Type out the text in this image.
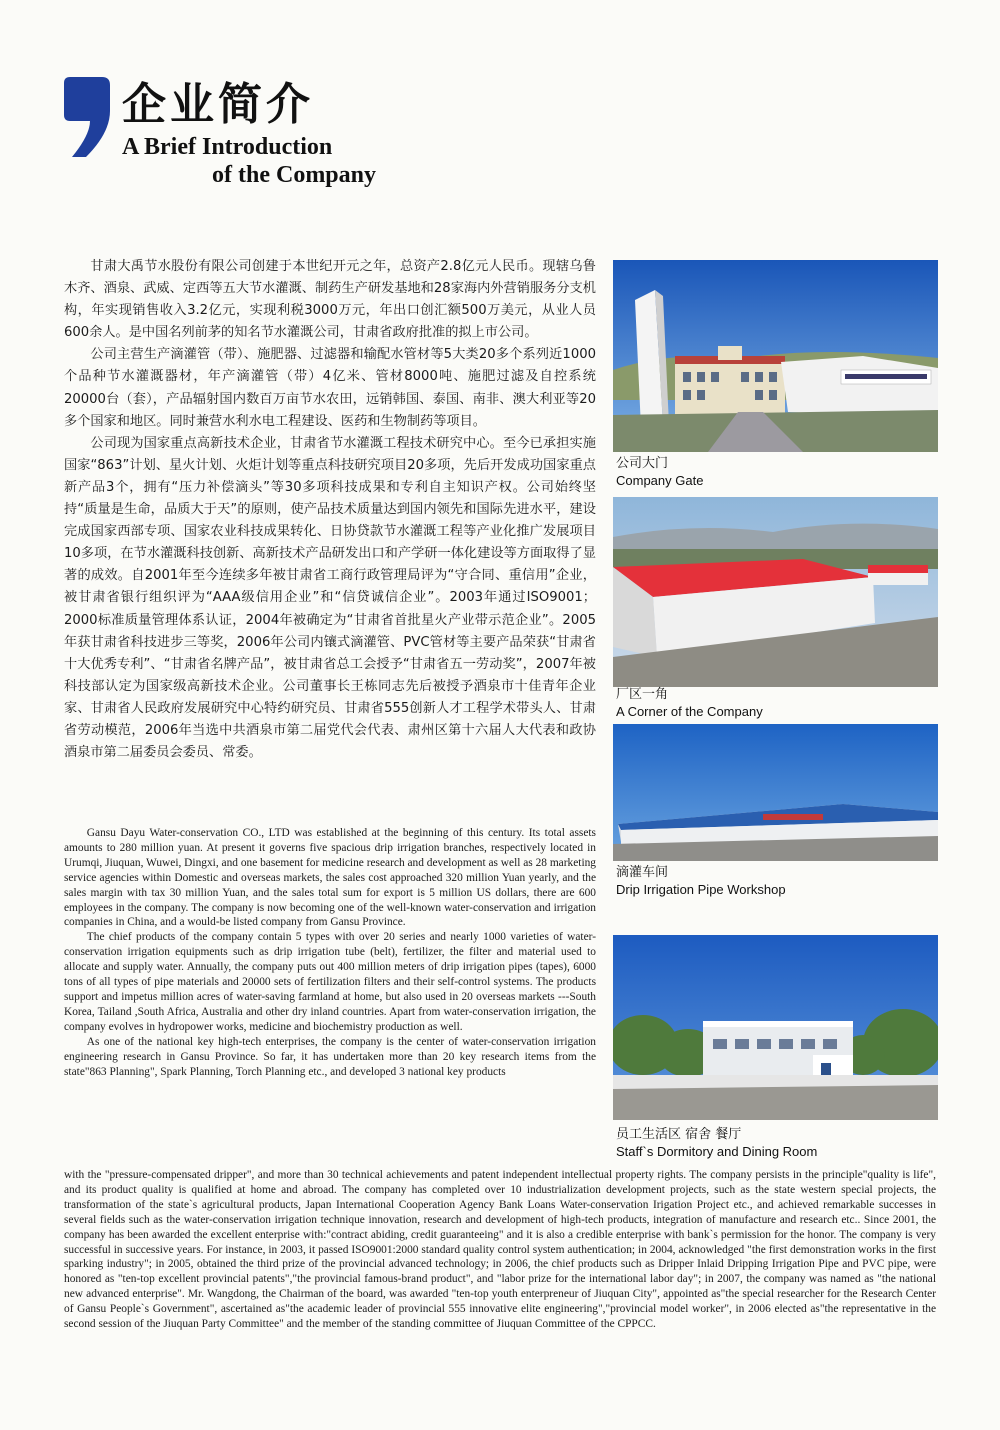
企业简介
A Brief Introduction
of the Company

甘肃大禹节水股份有限公司创建于本世纪开元之年，总资产2.8亿元人民币。现辖乌鲁木齐、酒泉、武威、定西等五大节水灌溉、制药生产研发基地和28家海内外营销服务分支机构，年实现销售收入3.2亿元，实现利税3000万元，年出口创汇额500万美元，从业人员600余人。是中国名列前茅的知名节水灌溉公司，甘肃省政府批准的拟上市公司。

公司主营生产滴灌管（带）、施肥器、过滤器和输配水管材等5大类20多个系列近1000个品种节水灌溉器材，年产滴灌管（带）4亿米、管材8000吨、施肥过滤及自控系统20000台（套），产品辐射国内数百万亩节水农田，远销韩国、泰国、南非、澳大利亚等20多个国家和地区。同时兼营水利水电工程建设、医药和生物制药等项目。

公司现为国家重点高新技术企业，甘肃省节水灌溉工程技术研究中心。至今已承担实施 国家“863”计划、星火计划、火炬计划等重点科技研究项目20多项，先后开发成功国家重点新产品3个，拥有“压力补偿滴头”等30多项科技成果和专利自主知识产权。公司始终坚持“质量是生命，品质大于天”的原则，使产品技术质量达到国内领先和国际先进水平，建设完成国家西部专项、国家农业科技成果转化、日协贷款节水灌溉工程等产业化推广发展项目10多项，在节水灌溉科技创新、高新技术产品研发出口和产学研一体化建设等方面取得了显著的成效。自2001年至今连续多年被甘肃省工商行政管理局评为“守合同、重信用”企业，被甘肃省银行组织评为“AAA级信用企业”和“信贷诚信企业”。2003年通过ISO9001；2000标准质量管理体系认证，2004年被确定为“甘肃省首批星火产业带示范企业”。2005年获甘肃省科技进步三等奖，2006年公司内镶式滴灌管、PVC管材等主要产品荣获“甘肃省十大优秀专利”、“甘肃省名牌产品”，被甘肃省总工会授予“甘肃省五一劳动奖”，2007年被科技部认定为国家级高新技术企业。公司董事长王栋同志先后被授予酒泉市十佳青年企业家、甘肃省人民政府发展研究中心特约研究员、甘肃省555创新人才工程学术带头人、甘肃省劳动模范，2006年当选中共酒泉市第二届党代会代表、肃州区第十六届人大代表和政协酒泉市第二届委员会委员、常委。

Gansu Dayu Water-conservation CO., LTD was established at the beginning of this century. Its total assets amounts to 280 million yuan. At present it governs five spacious drip irrigation branches, respectively located in Urumqi, Jiuquan, Wuwei, Dingxi, and one basement for medicine research and development as well as 28 marketing service agencies within Domestic and overseas markets, the sales cost approached 320 million Yuan yearly, and the sales margin with tax 30 million Yuan, and the sales total sum for export is 5 million US dollars, there are 600 employees in the company. The company is now becoming one of the well-known water-conservation and irrigation companies in China, and a would-be listed company from Gansu Province.

The chief products of the company contain 5 types with over 20 series and nearly 1000 varieties of water-conservation irrigation equipments such as drip irrigation tube (belt), fertilizer, the filter and material used to allocate and supply water. Annually, the company puts out 400 million meters of drip irrigation pipes (tapes), 6000 tons of all types of pipe materials and 20000 sets of fertilization filters and their self-control systems. The products support and impetus million acres of water-saving farmland at home, but also used in 20 overseas markets ---South Korea, Tailand ,South Africa, Australia and other dry inland countries. Apart from water-conservation irrigation, the company evolves in hydropower works, medicine and biochemistry production as well.

As one of the national key high-tech enterprises, the company is the center of water-conservation irrigation engineering research in Gansu Province. So far, it has undertaken more than 20 key research items from the state"863 Planning", Spark Planning, Torch Planning etc., and developed 3 national key products

with the "pressure-compensated dripper", and more than 30 technical achievements and patent independent intellectual property rights. The company persists in the principle"quality is life", and its product quality is qualified at home and abroad. The company has completed over 10 industrialization development projects, such as the state western special projects, the transformation of the state`s agricultural products, Japan International Cooperation Agency Bank Loans Water-conservation Irigation Project etc., and achieved remarkable successes in several fields such as the water-conservation irrigation technique innovation, research and development of high-tech products, integration of manufacture and research etc.. Since 2001, the company has been awarded the excellent enterprise with:"contract abiding, credit guaranteeing" and it is also a credible enterprise with bank`s permission for the honor. The company is very successful in successive years. For instance, in 2003, it passed ISO9001:2000 standard quality control system authentication; in 2004, acknowledged "the first demonstration works in the first sparking industry"; in 2005, obtained the third prize of the provincial advanced technology; in 2006, the chief products such as Dripper Inlaid Dripping Irrigation Pipe and PVC pipe, were honored as "ten-top excellent provincial patents","the provincial famous-brand product", and "labor prize for the international labor day"; in 2007, the company was named as "the national new advanced enterprise". Mr. Wangdong, the Chairman of the board, was awarded "ten-top youth enterpreneur of Jiuquan City", appointed as"the special researcher for the Research Center of Gansu People`s Government", ascertained as"the academic leader of provincial 555 innovative elite engineering","provincial model worker", in 2006 elected as"the representative in the second session of the Jiuquan Party Committee" and the member of the standing committee of Jiuquan Committee of the CPPCC.

公司大门
Company Gate
厂区一角
A Corner of the Company
滴灌车间
Drip Irrigation Pipe Workshop
员工生活区 宿舍 餐厅
Staff`s Dormitory and Dining Room
